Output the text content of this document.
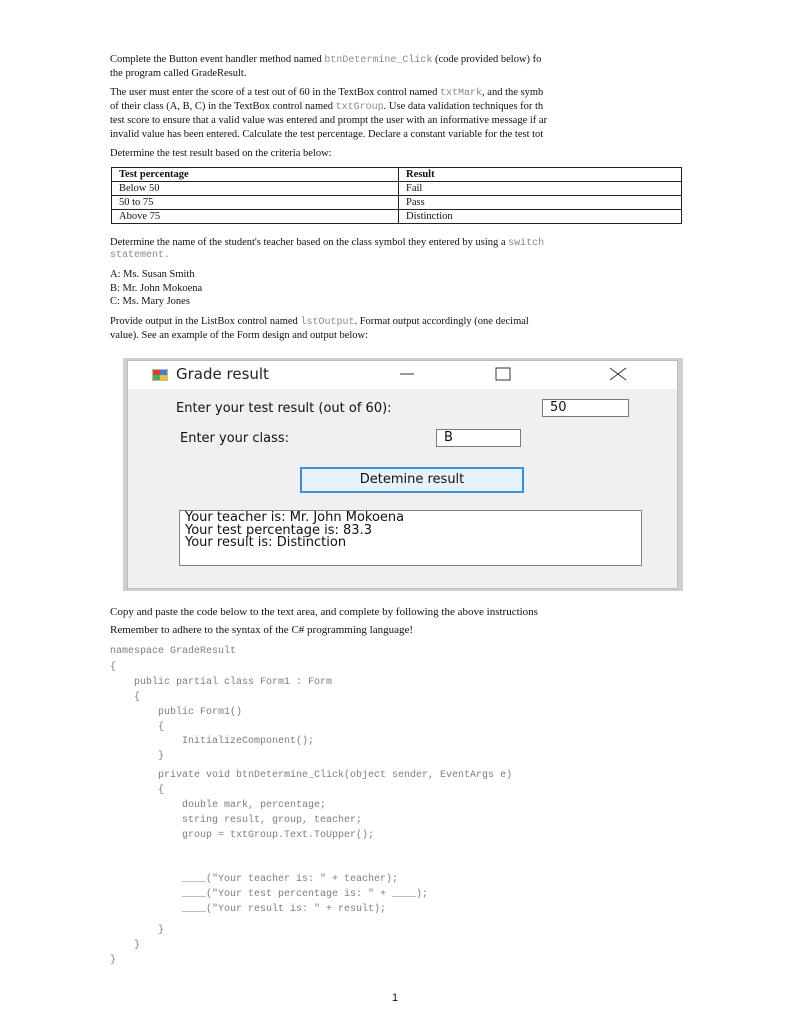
Complete the Button event handler method named btnDetermine_Click (code provided below) fo
the program called GradeResult.
The user must enter the score of a test out of 60 in the TextBox control named txtMark, and the symb
of their class (A, B, C) in the TextBox control named txtGroup. Use data validation techniques for th
test score to ensure that a valid value was entered and prompt the user with an informative message if ar
invalid value has been entered. Calculate the test percentage. Declare a constant variable for the test tot
Determine the test result based on the criteria below:
Test percentage	Result
Below 50	Fail
50 to 75	Pass
Above 75	Distinction
Determine the name of the student's teacher based on the class symbol they entered by using a switch
statement.
A: Ms. Susan Smith
B: Mr. John Mokoena
C: Ms. Mary Jones
Provide output in the ListBox control named lstOutput. Format output accordingly (one decimal
value). See an example of the Form design and output below:
Grade result
Enter your test result (out of 60):	50
Enter your class:	B
Detemine result
Your teacher is: Mr. John Mokoena
Your test percentage is: 83.3
Your result is: Distinction
Copy and paste the code below to the text area, and complete by following the above instructions
Remember to adhere to the syntax of the C# programming language!
namespace GradeResult
{
public partial class Form1 : Form
{
public Form1()
{
InitializeComponent();
}
private void btnDetermine_Click(object sender, EventArgs e)
{
double mark, percentage;
string result, group, teacher;
group = txtGroup.Text.ToUpper();
____("Your teacher is: " + teacher);
____("Your test percentage is: " + ____);
____("Your result is: " + result);
}
}
}
1
